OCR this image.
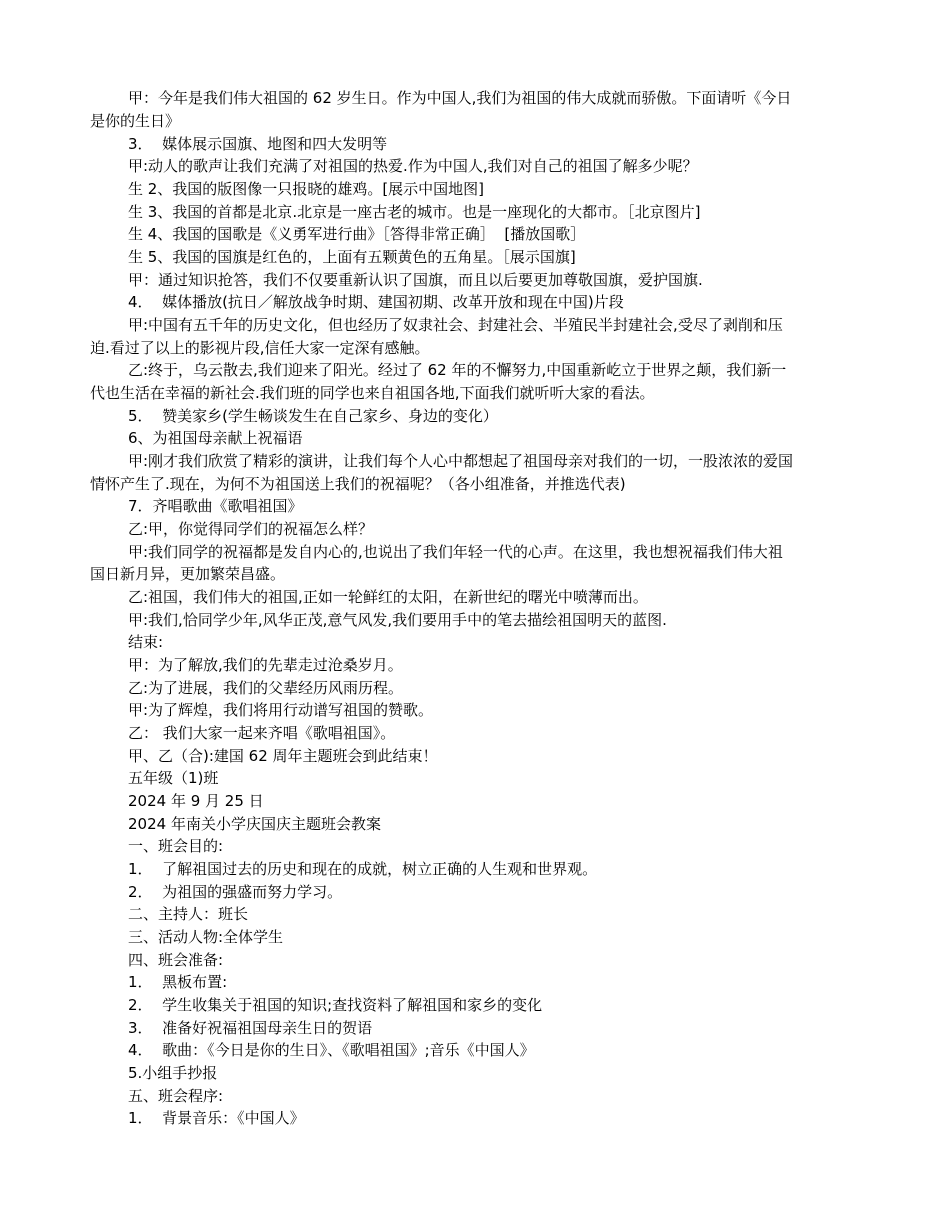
甲：今年是我们伟大祖国的 62 岁生日。作为中国人,我们为祖国的伟大成就而骄傲。下面请听《今日
是你的生日》
3．  媒体展示国旗、地图和四大发明等
甲:动人的歌声让我们充满了对祖国的热爱.作为中国人,我们对自己的祖国了解多少呢？
生 2、我国的版图像一只报晓的雄鸡。[展示中国地图]
生 3、我国的首都是北京.北京是一座古老的城市。也是一座现化的大都市。［北京图片]
生 4、我国的国歌是《义勇军进行曲》［答得非常正确］  [播放国歌］
生 5、我国的国旗是红色的，上面有五颗黄色的五角星。［展示国旗]
甲：通过知识抢答，我们不仅要重新认识了国旗，而且以后要更加尊敬国旗，爱护国旗.
4．  媒体播放(抗日／解放战争时期、建国初期、改革开放和现在中国)片段
甲:中国有五千年的历史文化，但也经历了奴隶社会、封建社会、半殖民半封建社会,受尽了剥削和压
迫.看过了以上的影视片段,信任大家一定深有感触。
乙:终于，乌云散去,我们迎来了阳光。经过了 62 年的不懈努力,中国重新屹立于世界之颠，我们新一
代也生活在幸福的新社会.我们班的同学也来自祖国各地,下面我们就听听大家的看法。
5．  赞美家乡(学生畅谈发生在自己家乡、身边的变化）
6、为祖国母亲献上祝福语
甲:刚才我们欣赏了精彩的演讲，让我们每个人心中都想起了祖国母亲对我们的一切，一股浓浓的爱国
情怀产生了.现在，为何不为祖国送上我们的祝福呢？（各小组准备，并推选代表)
7．齐唱歌曲《歌唱祖国》
乙:甲，你觉得同学们的祝福怎么样？
甲:我们同学的祝福都是发自内心的,也说出了我们年轻一代的心声。在这里，我也想祝福我们伟大祖
国日新月异，更加繁荣昌盛。
乙:祖国，我们伟大的祖国,正如一轮鲜红的太阳，在新世纪的曙光中喷薄而出。
甲:我们,恰同学少年,风华正茂,意气风发,我们要用手中的笔去描绘祖国明天的蓝图.
结束:
甲：为了解放,我们的先辈走过沧桑岁月。
乙:为了进展，我们的父辈经历风雨历程。
甲:为了辉煌，我们将用行动谱写祖国的赞歌。
乙： 我们大家一起来齐唱《歌唱祖国》。
甲、乙（合):建国 62 周年主题班会到此结束！
五年级（1)班
2024 年 9 月 25 日
2024 年南关小学庆国庆主题班会教案
一、班会目的:
1．  了解祖国过去的历史和现在的成就，树立正确的人生观和世界观。
2．  为祖国的强盛而努力学习。
二、主持人：班长
三、活动人物:全体学生
四、班会准备:
1．  黑板布置:
2．  学生收集关于祖国的知识;查找资料了解祖国和家乡的变化
3．  准备好祝福祖国母亲生日的贺语
4．  歌曲：《今日是你的生日》、《歌唱祖国》;音乐《中国人》
5.小组手抄报
五、班会程序:
1．  背景音乐：《中国人》
